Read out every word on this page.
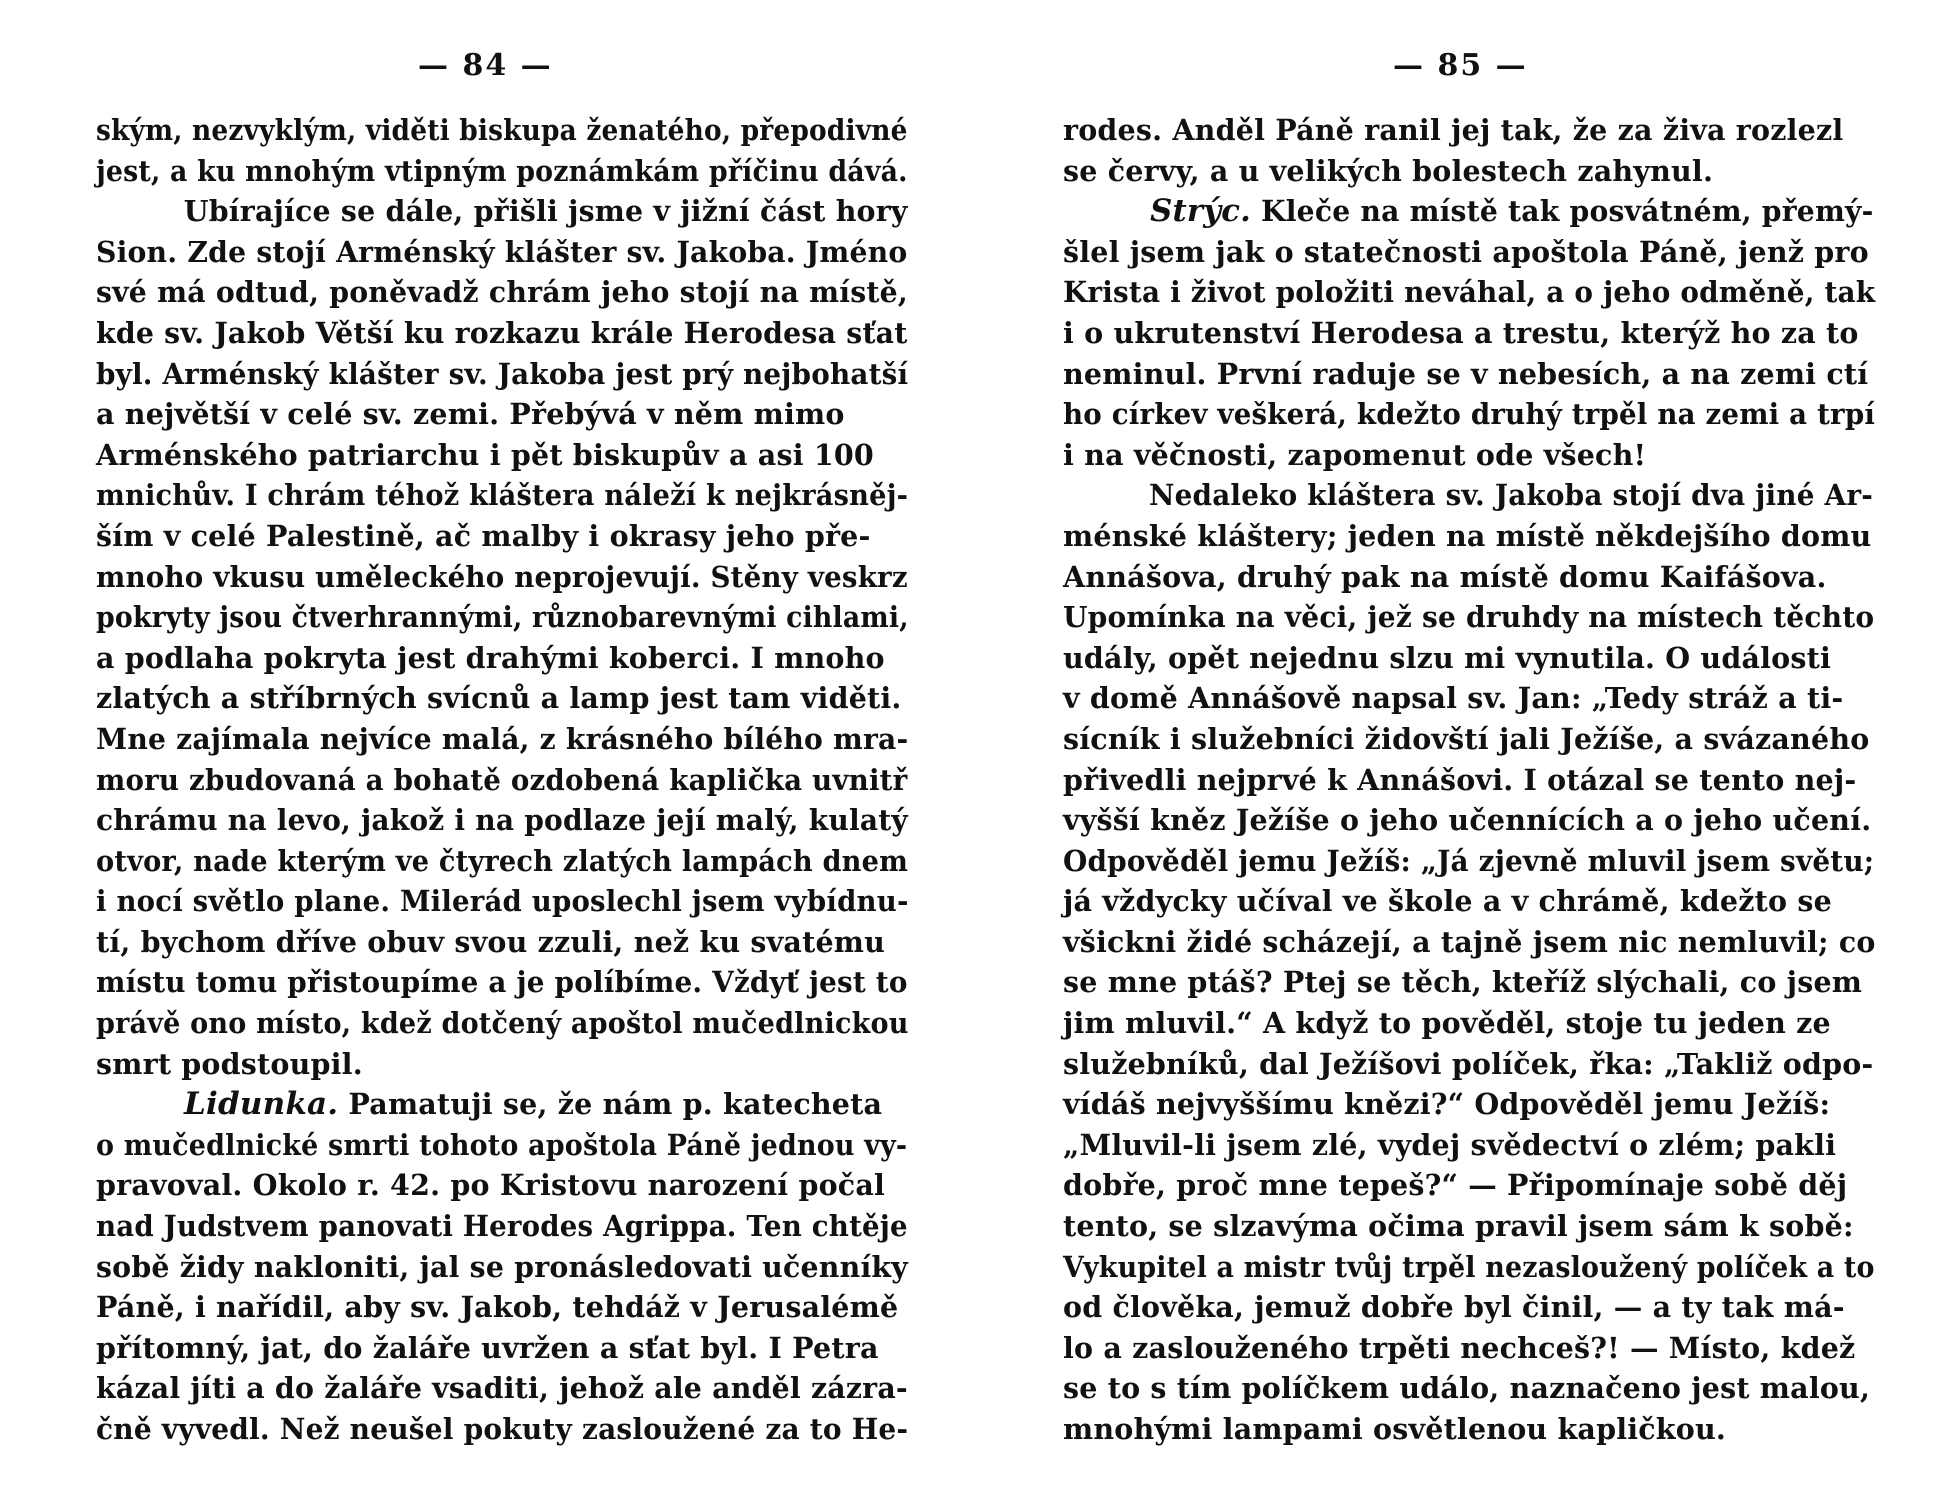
— 84 —
ským, nezvyklým, viděti biskupa ženatého, přepodivné
jest, a ku mnohým vtipným poznámkám příčinu dává.
Ubírajíce se dále, přišli jsme v jižní část hory
Sion. Zde stojí Arménský klášter sv. Jakoba. Jméno
své má odtud, poněvadž chrám jeho stojí na místě,
kde sv. Jakob Větší ku rozkazu krále Herodesa sťat
byl. Arménský klášter sv. Jakoba jest prý nejbohatší
a největší v celé sv. zemi. Přebývá v něm mimo
Arménského patriarchu i pět biskupův a asi 100
mnichův. I chrám téhož kláštera náleží k nejkrásněj-
ším v celé Palestině, ač malby i okrasy jeho pře-
mnoho vkusu uměleckého neprojevují. Stěny veskrz
pokryty jsou čtverhrannými, různobarevnými cihlami,
a podlaha pokryta jest drahými koberci. I mnoho
zlatých a stříbrných svícnů a lamp jest tam viděti.
Mne zajímala nejvíce malá, z krásného bílého mra-
moru zbudovaná a bohatě ozdobená kaplička uvnitř
chrámu na levo, jakož i na podlaze její malý, kulatý
otvor, nade kterým ve čtyrech zlatých lampách dnem
i nocí světlo plane. Milerád uposlechl jsem vybídnu-
tí, bychom dříve obuv svou zzuli, než ku svatému
místu tomu přistoupíme a je políbíme. Vždyť jest to
právě ono místo, kdež dotčený apoštol mučedlnickou
smrt podstoupil.
Lidunka. Pamatuji se, že nám p. katecheta
o mučedlnické smrti tohoto apoštola Páně jednou vy-
pravoval. Okolo r. 42. po Kristovu narození počal
nad Judstvem panovati Herodes Agrippa. Ten chtěje
sobě židy nakloniti, jal se pronásledovati učenníky
Páně, i nařídil, aby sv. Jakob, tehdáž v Jerusalémě
přítomný, jat, do žaláře uvržen a sťat byl. I Petra
kázal jíti a do žaláře vsaditi, jehož ale anděl zázra-
čně vyvedl. Než neušel pokuty zasloužené za to He-
— 85 —
rodes. Anděl Páně ranil jej tak, že za živa rozlezl
se červy, a u velikých bolestech zahynul.
Strýc. Kleče na místě tak posvátném, přemý-
šlel jsem jak o statečnosti apoštola Páně, jenž pro
Krista i život položiti neváhal, a o jeho odměně, tak
i o ukrutenství Herodesa a trestu, kterýž ho za to
neminul. První raduje se v nebesích, a na zemi ctí
ho církev veškerá, kdežto druhý trpěl na zemi a trpí
i na věčnosti, zapomenut ode všech!
Nedaleko kláštera sv. Jakoba stojí dva jiné Ar-
ménské kláštery; jeden na místě někdejšího domu
Annášova, druhý pak na místě domu Kaifášova.
Upomínka na věci, jež se druhdy na místech těchto
udály, opět nejednu slzu mi vynutila. O události
v domě Annášově napsal sv. Jan: „Tedy stráž a ti-
sícník i služebníci židovští jali Ježíše, a svázaného
přivedli nejprvé k Annášovi. I otázal se tento nej-
vyšší kněz Ježíše o jeho učennících a o jeho učení.
Odpověděl jemu Ježíš: „Já zjevně mluvil jsem světu;
já vždycky učíval ve škole a v chrámě, kdežto se
všickni židé scházejí, a tajně jsem nic nemluvil; co
se mne ptáš? Ptej se těch, kteříž slýchali, co jsem
jim mluvil.“ A když to pověděl, stoje tu jeden ze
služebníků, dal Ježíšovi políček, řka: „Takliž odpo-
vídáš nejvyššímu knězi?“ Odpověděl jemu Ježíš:
„Mluvil-li jsem zlé, vydej svědectví o zlém; pakli
dobře, proč mne tepeš?“ — Připomínaje sobě děj
tento, se slzavýma očima pravil jsem sám k sobě:
Vykupitel a mistr tvůj trpěl nezasloužený políček a to
od člověka, jemuž dobře byl činil, — a ty tak má-
lo a zaslouženého trpěti nechceš?! — Místo, kdež
se to s tím políčkem událo, naznačeno jest malou,
mnohými lampami osvětlenou kapličkou.
